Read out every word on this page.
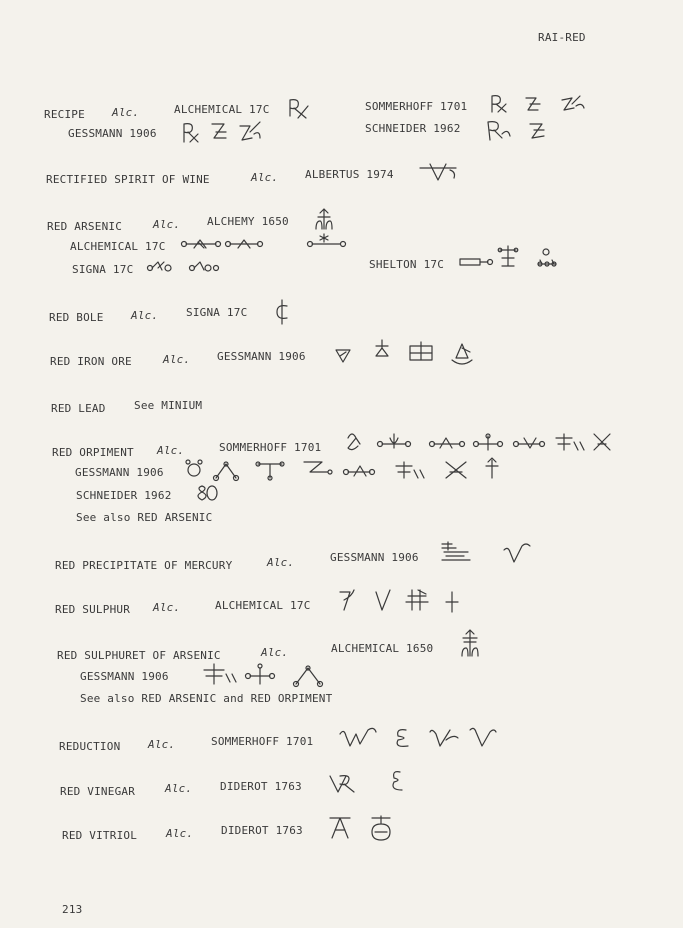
RAI-RED
213
RECIPE Alc.	ALCHEMICAL 17C	SOMMERHOFF 1701
GESSMANN 1906	SCHNEIDER 1962
RECTIFIED SPIRIT OF WINE	Alc. ALBERTUS 1974
RED ARSENIC	Alc. ALCHEMY 1650
ALCHEMICAL 17C
SIGNA 17C	SHELTON 17C
RED BOLE Alc.	SIGNA 17C
RED IRON ORE	Alc. GESSMANN 1906
RED LEAD	See MINIUM
RED ORPIMENT Alc.	SOMMERHOFF 1701
GESSMANN 1906
SCHNEIDER 1962
See also RED ARSENIC
RED PRECIPITATE OF MERCURY	Alc.	GESSMANN 1906
RED SULPHUR Alc.	ALCHEMICAL 17C
RED SULPHURET OF ARSENIC	Alc.	ALCHEMICAL 1650
GESSMANN 1906
See also RED ARSENIC and RED ORPIMENT
REDUCTION	Alc.	SOMMERHOFF 1701
RED VINEGAR	Alc.	DIDEROT 1763
RED VITRIOL	Alc.	DIDEROT 1763
